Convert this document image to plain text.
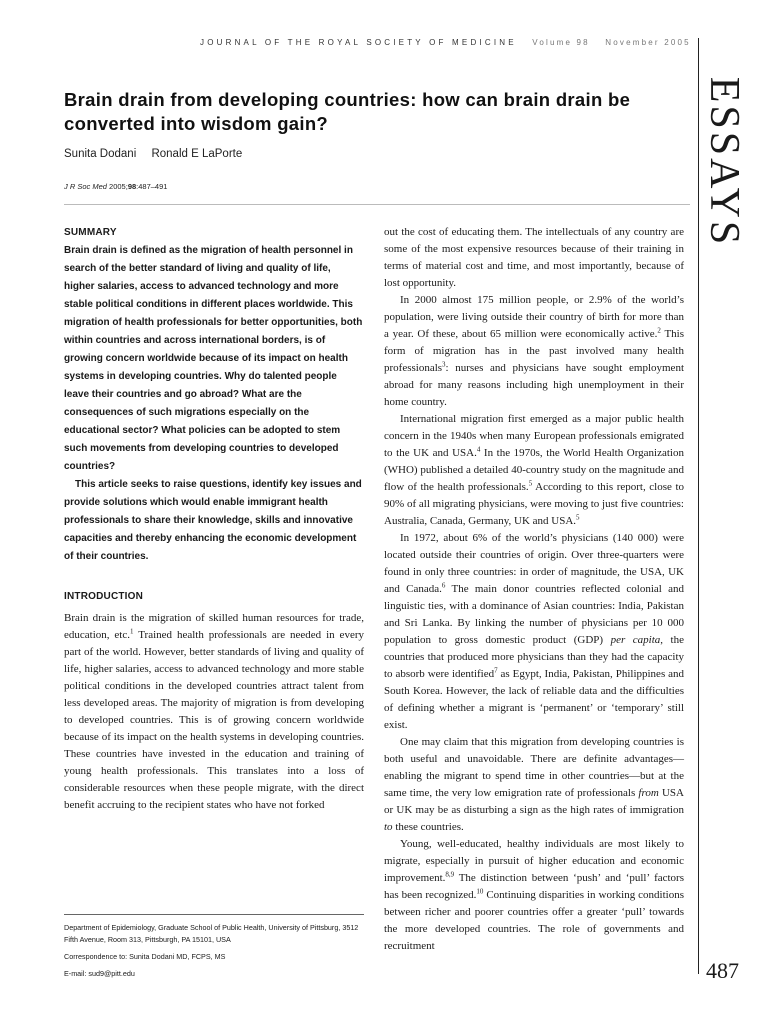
JOURNAL OF THE ROYAL SOCIETY OF MEDICINE Volume 98 November 2005
ESSAYS
487
Brain drain from developing countries: how can brain drain be converted into wisdom gain?
Sunita Dodani Ronald E LaPorte
J R Soc Med 2005;98:487–491
SUMMARY

Brain drain is defined as the migration of health personnel in search of the better standard of living and quality of life, higher salaries, access to advanced technology and more stable political conditions in different places worldwide. This migration of health professionals for better opportunities, both within countries and across international borders, is of growing concern worldwide because of its impact on health systems in developing countries. Why do talented people leave their countries and go abroad? What are the consequences of such migrations especially on the educational sector? What policies can be adopted to stem such movements from developing countries to developed countries?

This article seeks to raise questions, identify key issues and provide solutions which would enable immigrant health professionals to share their knowledge, skills and innovative capacities and thereby enhancing the economic development of their countries.

INTRODUCTION

Brain drain is the migration of skilled human resources for trade, education, etc.$^1$ Trained health professionals are needed in every part of the world. However, better standards of living and quality of life, higher salaries, access to advanced technology and more stable political conditions in the developed countries attract talent from less developed areas. The majority of migration is from developing to developed countries. This is of growing concern worldwide because of its impact on the health systems in developing countries. These countries have invested in the education and training of young health professionals. This translates into a loss of considerable resources when these people migrate, with the direct benefit accruing to the recipient states who have not forked

Department of Epidemiology, Graduate School of Public Health, University of Pittsburg, 3512 Fifth Avenue, Room 313, Pittsburgh, PA 15101, USA

Correspondence to: Sunita Dodani MD, FCPS, MS

E-mail: sud9@pitt.edu

out the cost of educating them. The intellectuals of any country are some of the most expensive resources because of their training in terms of material cost and time, and most importantly, because of lost opportunity.

In 2000 almost 175 million people, or 2.9% of the world’s population, were living outside their country of birth for more than a year. Of these, about 65 million were economically active.$^2$ This form of migration has in the past involved many health professionals$^3$: nurses and physicians have sought employment abroad for many reasons including high unemployment in their home country.

International migration first emerged as a major public health concern in the 1940s when many European professionals emigrated to the UK and USA.$^4$ In the 1970s, the World Health Organization (WHO) published a detailed 40-country study on the magnitude and flow of the health professionals.$^5$ According to this report, close to 90% of all migrating physicians, were moving to just five countries: Australia, Canada, Germany, UK and USA.$^5$

In 1972, about 6% of the world’s physicians (140 000) were located outside their countries of origin. Over three-quarters were found in only three countries: in order of magnitude, the USA, UK and Canada.$^6$ The main donor countries reflected colonial and linguistic ties, with a dominance of Asian countries: India, Pakistan and Sri Lanka. By linking the number of physicians per 10 000 population to gross domestic product (GDP) per capita, the countries that produced more physicians than they had the capacity to absorb were identified$^7$ as Egypt, India, Pakistan, Philippines and South Korea. However, the lack of reliable data and the difficulties of defining whether a migrant is ‘permanent’ or ‘temporary’ still exist.

One may claim that this migration from developing countries is both useful and unavoidable. There are definite advantages—enabling the migrant to spend time in other countries—but at the same time, the very low emigration rate of professionals from USA or UK may be as disturbing a sign as the high rates of immigration to these countries.

Young, well-educated, healthy individuals are most likely to migrate, especially in pursuit of higher education and economic improvement.$^{8,9}$ The distinction between ‘push’ and ‘pull’ factors has been recognized.$^{10}$ Continuing disparities in working conditions between richer and poorer countries offer a greater ‘pull’ towards the more developed countries. The role of governments and recruitment
